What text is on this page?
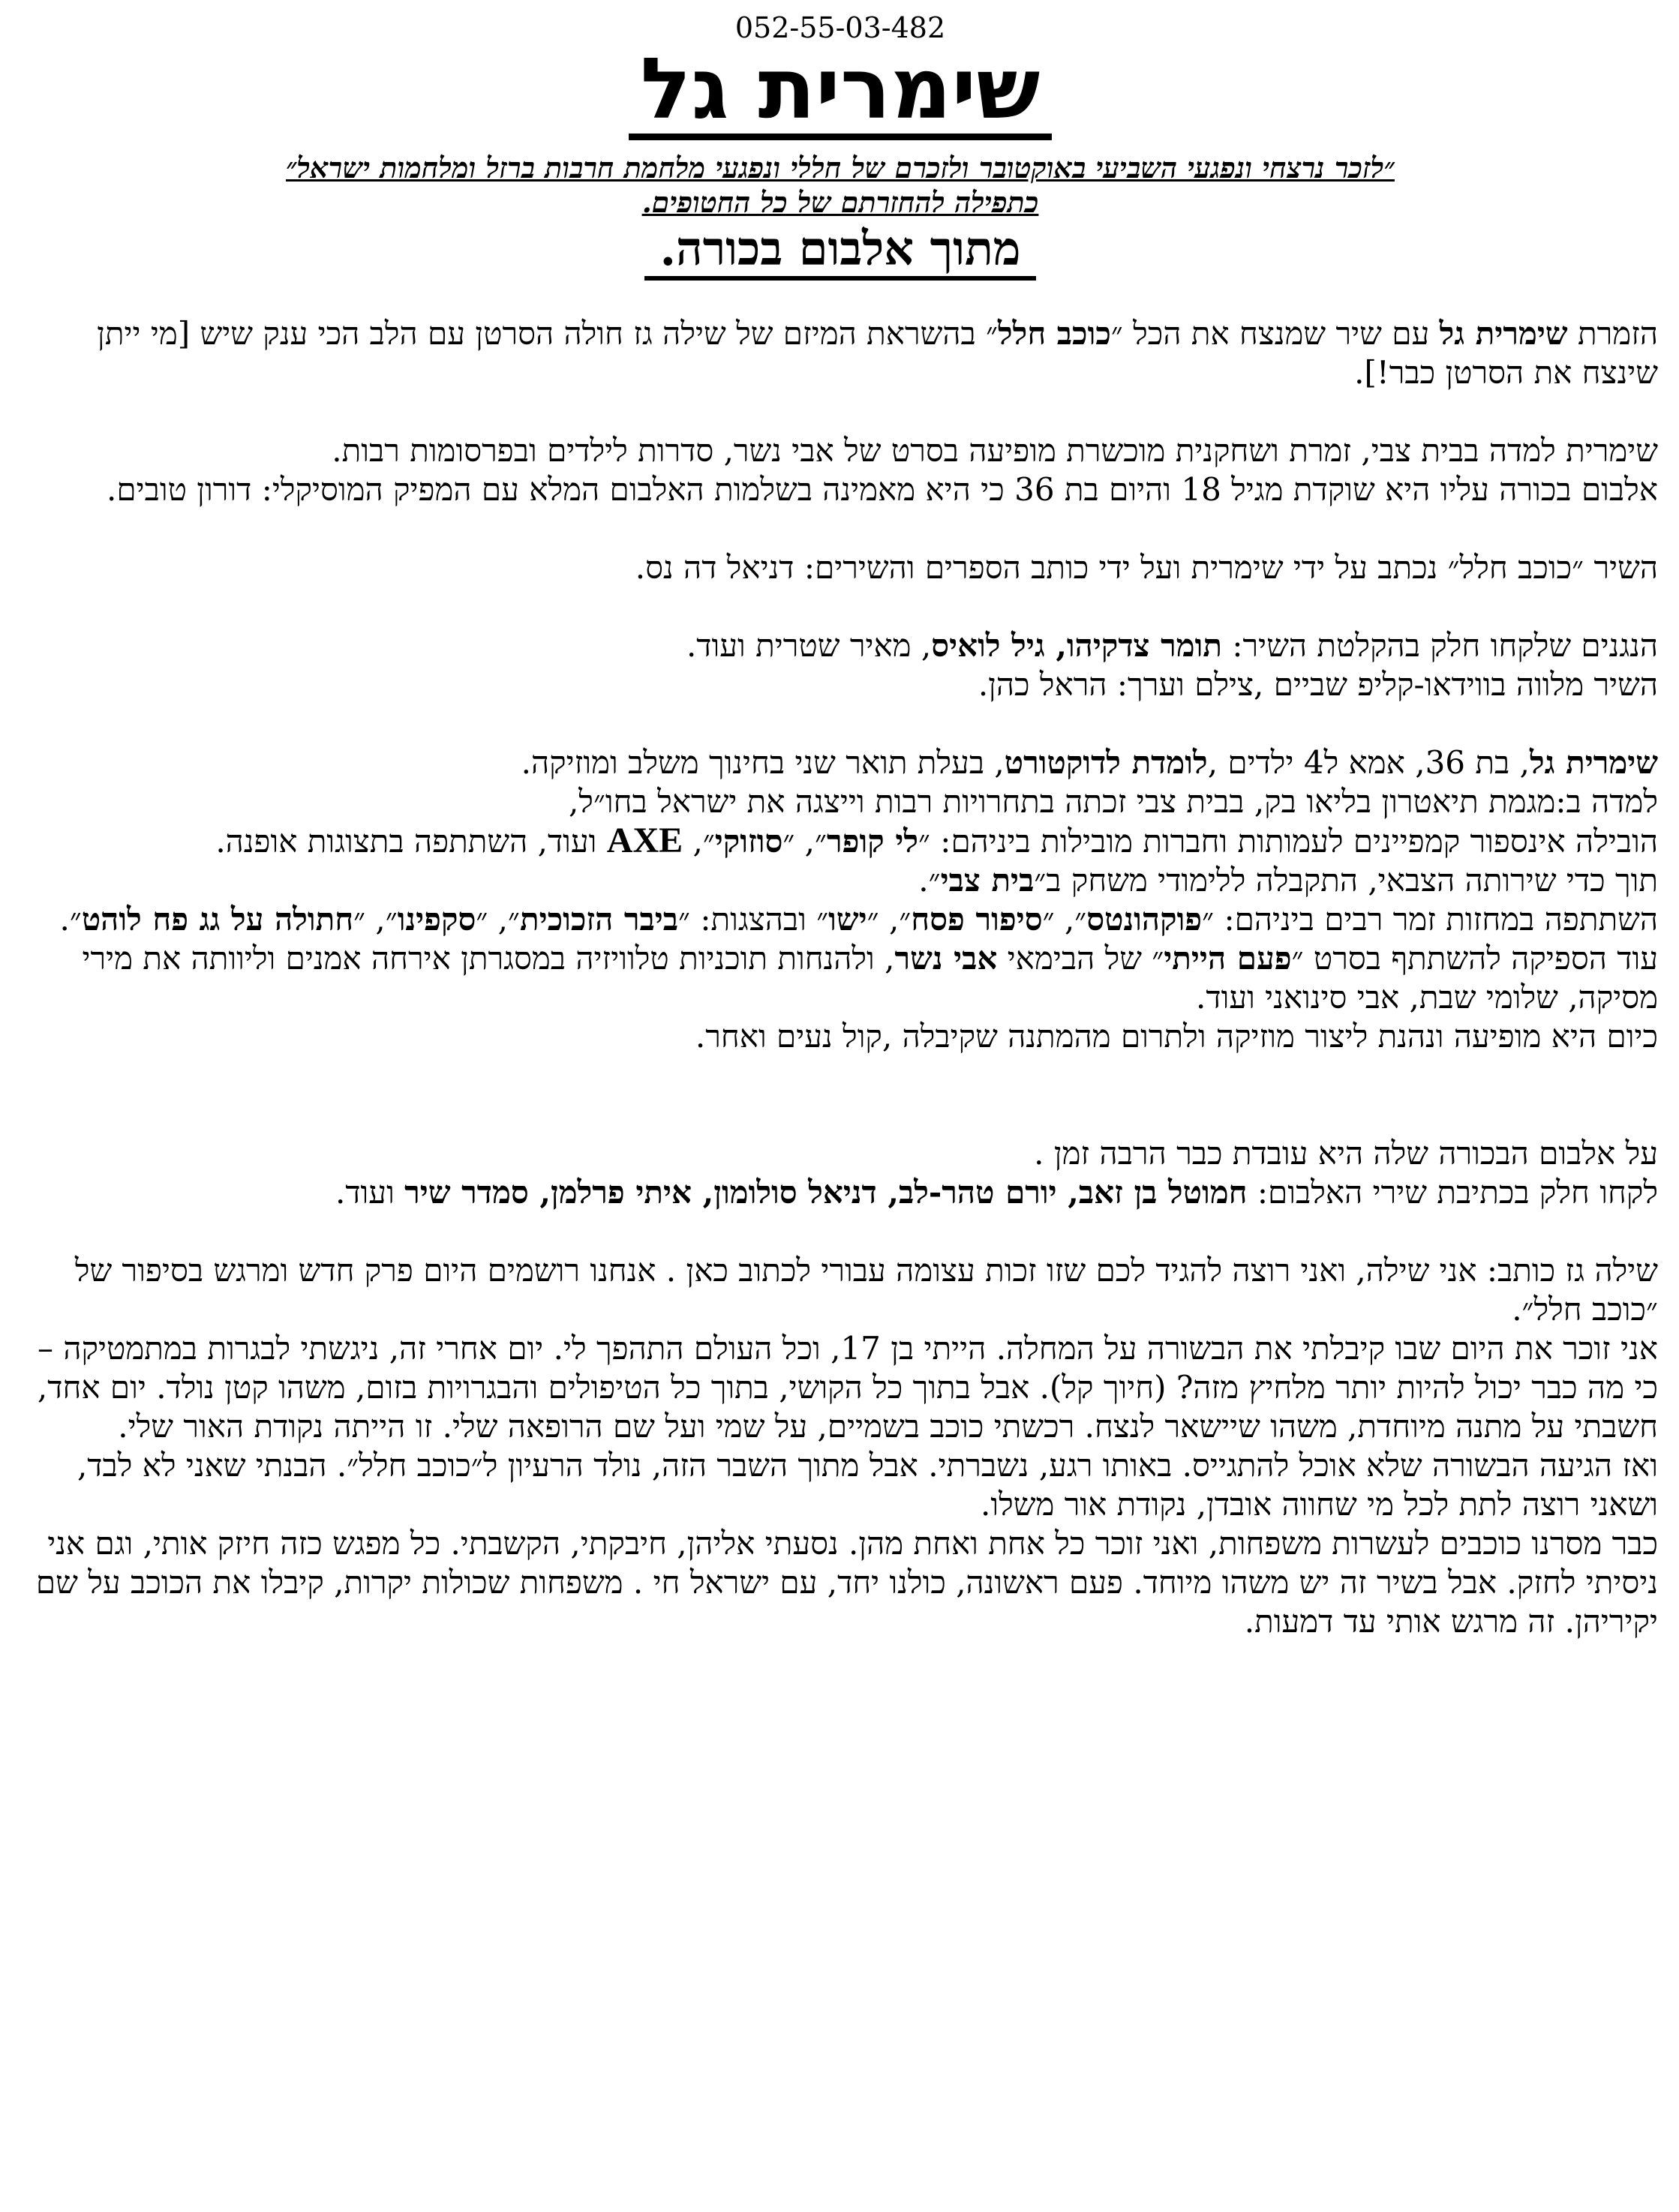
052-55-03-482
שימרית גל
״לזכר נרצחי ונפגעי השביעי באוקטובר ולזכרם של חללי ונפגעי מלחמת חרבות ברזל ומלחמות ישראל״
כתפילה להחזרתם של כל החטופים.
מתוך אלבום בכורה.

הזמרת שימרית גל עם שיר שמנצח את הכל ״כוכב חלל״ בהשראת המיזם של שילה גז חולה הסרטן עם הלב הכי ענק שיש [מי ייתן שינצח את הסרטן כבר!].

שימרית למדה בבית צבי, זמרת ושחקנית מוכשרת מופיעה בסרט של אבי נשר, סדרות לילדים ובפרסומות רבות.

אלבום בכורה עליו היא שוקדת מגיל 18 והיום בת 36 כי היא מאמינה בשלמות האלבום המלא עם המפיק המוסיקלי: דורון טובים.

השיר ״כוכב חלל״ נכתב על ידי שימרית ועל ידי כותב הספרים והשירים: דניאל דה נס.

הנגנים שלקחו חלק בהקלטת השיר: תומר צדקיהו, גיל לואיס, מאיר שטרית ועוד.

השיר מלווה בווידאו-קליפ שביים ,צילם וערך: הראל כהן.

שימרית גל, בת 36, אמא ל4 ילדים ,לומדת לדוקטורט, בעלת תואר שני בחינוך משלב ומוזיקה.

למדה ב:מגמת תיאטרון בליאו בק, בבית צבי זכתה בתחרויות רבות וייצגה את ישראל בחו״ל,

הובילה אינספור קמפיינים לעמותות וחברות מובילות ביניהם: ״לי קופר״, ״סוזוקי״, AXE ועוד, השתתפה בתצוגות אופנה.

תוך כדי שירותה הצבאי, התקבלה ללימודי משחק ב״בית צבי״.

השתתפה במחזות זמר רבים ביניהם: ״פוקהונטס״, ״סיפור פסח״, ״ישו״ ובהצגות: ״ביבר הזכוכית״, ״סקפינו״, ״חתולה על גג פח לוהט״.

עוד הספיקה להשתתף בסרט ״פעם הייתי״ של הבימאי אבי נשר, ולהנחות תוכניות טלוויזיה במסגרתן אירחה אמנים וליוותה את מירי מסיקה, שלומי שבת, אבי סינואני ועוד.

כיום היא מופיעה ונהנת ליצור מוזיקה ולתרום מהמתנה שקיבלה ,קול נעים ואחר.

על אלבום הבכורה שלה היא עובדת כבר הרבה זמן .

לקחו חלק בכתיבת שירי האלבום: חמוטל בן זאב, יורם טהר-לב, דניאל סולומון, איתי פרלמן, סמדר שיר ועוד.

שילה גז כותב: אני שילה, ואני רוצה להגיד לכם שזו זכות עצומה עבורי לכתוב כאן . אנחנו רושמים היום פרק חדש ומרגש בסיפור של ״כוכב חלל״.

אני זוכר את היום שבו קיבלתי את הבשורה על המחלה. הייתי בן 17, וכל העולם התהפך לי. יום אחרי זה, ניגשתי לבגרות במתמטיקה – כי מה כבר יכול להיות יותר מלחיץ מזה? (חיוך קל). אבל בתוך כל הקושי, בתוך כל הטיפולים והבגרויות בזום, משהו קטן נולד. יום אחד, חשבתי על מתנה מיוחדת, משהו שיישאר לנצח. רכשתי כוכב בשמיים, על שמי ועל שם הרופאה שלי. זו הייתה נקודת האור שלי.

ואז הגיעה הבשורה שלא אוכל להתגייס. באותו רגע, נשברתי. אבל מתוך השבר הזה, נולד הרעיון ל״כוכב חלל״. הבנתי שאני לא לבד, ושאני רוצה לתת לכל מי שחווה אובדן, נקודת אור משלו.

כבר מסרנו כוכבים לעשרות משפחות, ואני זוכר כל אחת ואחת מהן. נסעתי אליהן, חיבקתי, הקשבתי. כל מפגש כזה חיזק אותי, וגם אני ניסיתי לחזק. אבל בשיר זה יש משהו מיוחד. פעם ראשונה, כולנו יחד, עם ישראל חי . משפחות שכולות יקרות, קיבלו את הכוכב על שם יקיריהן. זה מרגש אותי עד דמעות.
